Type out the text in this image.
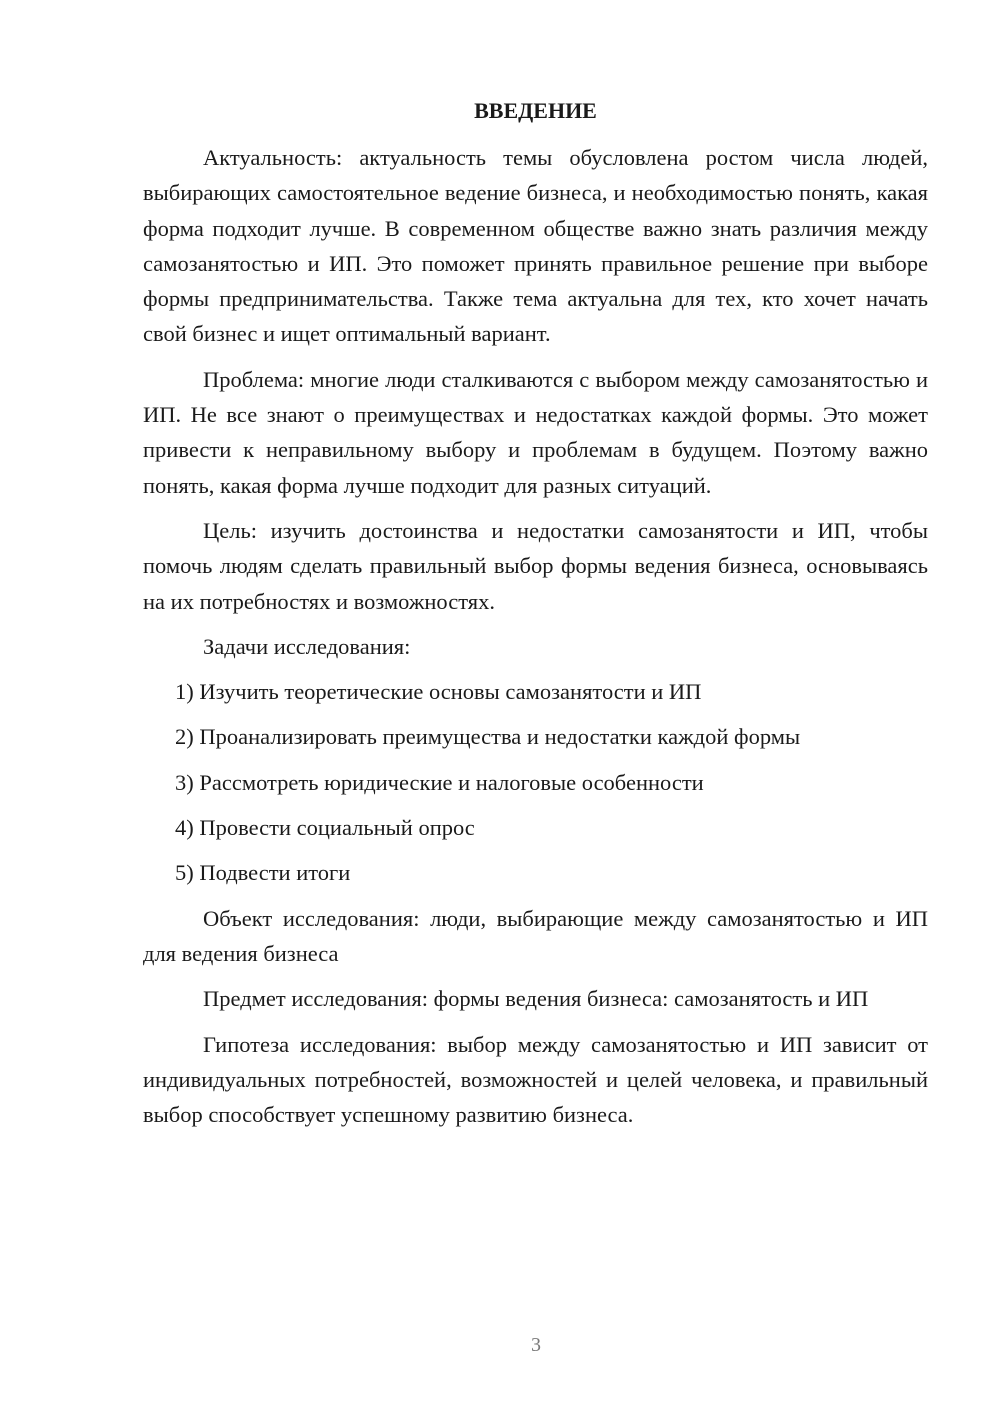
ВВЕДЕНИЕ

Актуальность: актуальность темы обусловлена ростом числа людей, выбирающих самостоятельное ведение бизнеса, и необходимостью понять, какая форма подходит лучше. В современном обществе важно знать различия между самозанятостью и ИП. Это поможет принять правильное решение при выборе формы предпринимательства. Также тема актуальна для тех, кто хочет начать свой бизнес и ищет оптимальный вариант.

Проблема: многие люди сталкиваются с выбором между самозанятостью и ИП. Не все знают о преимуществах и недостатках каждой формы. Это может привести к неправильному выбору и проблемам в будущем. Поэтому важно понять, какая форма лучше подходит для разных ситуаций.

Цель: изучить достоинства и недостатки самозанятости и ИП, чтобы помочь людям сделать правильный выбор формы ведения бизнеса, основываясь на их потребностях и возможностях.

Задачи исследования:

1) Изучить теоретические основы самозанятости и ИП
2) Проанализировать преимущества и недостатки каждой формы
3) Рассмотреть юридические и налоговые особенности
4) Провести социальный опрос
5) Подвести итоги

Объект исследования: люди, выбирающие между самозанятостью и ИП для ведения бизнеса

Предмет исследования: формы ведения бизнеса: самозанятость и ИП

Гипотеза исследования: выбор между самозанятостью и ИП зависит от индивидуальных потребностей, возможностей и целей человека, и правильный выбор способствует успешному развитию бизнеса.

3
